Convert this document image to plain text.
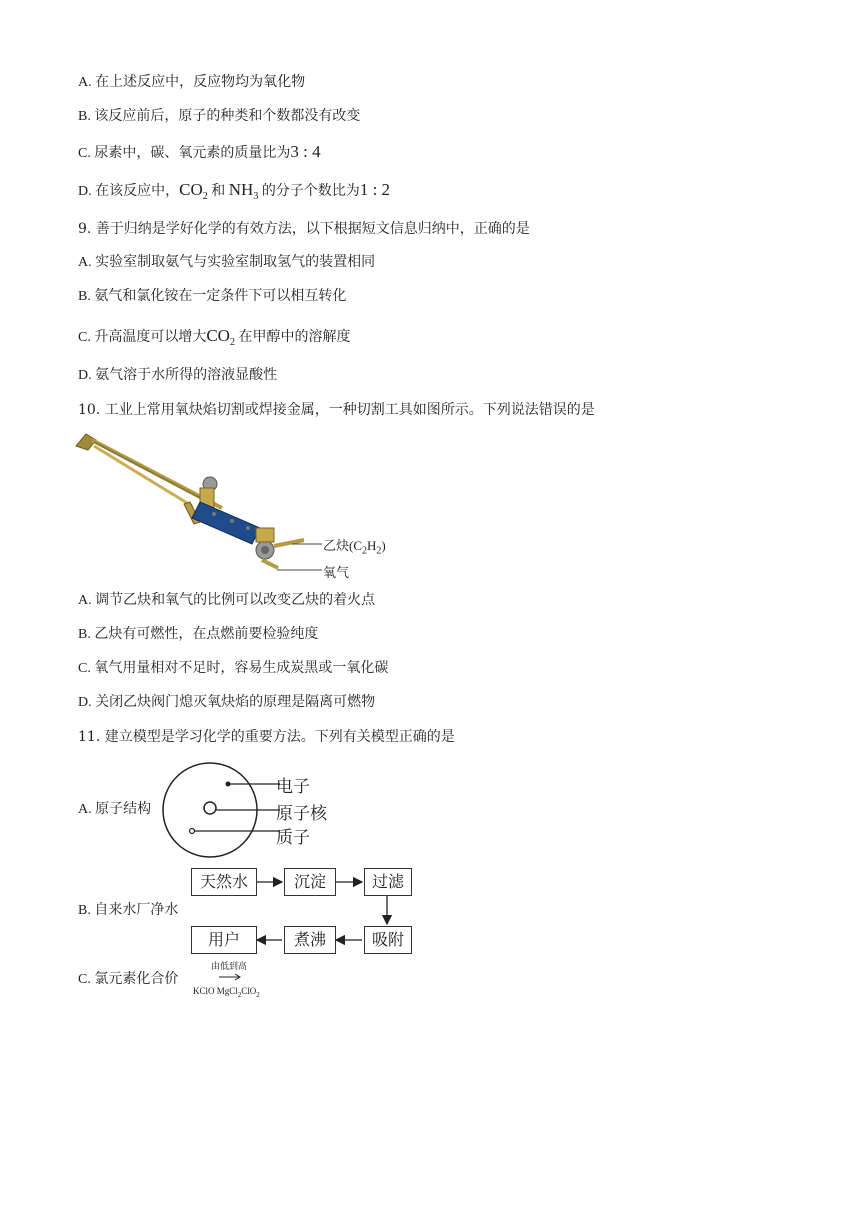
A. 在上述反应中，反应物均为氧化物
B. 该反应前后，原子的种类和个数都没有改变
C. 尿素中，碳、氧元素的质量比为3 : 4
D. 在该反应中，$CO_2$ 和 $NH_3$ 的分子个数比为1 : 2
9. 善于归纳是学好化学的有效方法，以下根据短文信息归纳中，正确的是
A. 实验室制取氨气与实验室制取氢气的装置相同
B. 氨气和氯化铵在一定条件下可以相互转化
C. 升高温度可以增大$CO_2$ 在甲醇中的溶解度
D. 氨气溶于水所得的溶液显酸性
10. 工业上常用氧炔焰切割或焊接金属，一种切割工具如图所示。下列说法错误的是
乙炔$(C_2H_2)$
氧气
A. 调节乙炔和氧气的比例可以改变乙炔的着火点
B. 乙炔有可燃性，在点燃前要检验纯度
C. 氧气用量相对不足时，容易生成炭黑或一氧化碳
D. 关闭乙炔阀门熄灭氧炔焰的原理是隔离可燃物
11. 建立模型是学习化学的重要方法。下列有关模型正确的是
A. 原子结构
电子
原子核
质子
B. 自来水厂净水
天然水	沉淀	过滤
吸附
煮沸
用户
C. 氯元素化合价
由低到高
KClO MgCl$_2$ClO$_2$
